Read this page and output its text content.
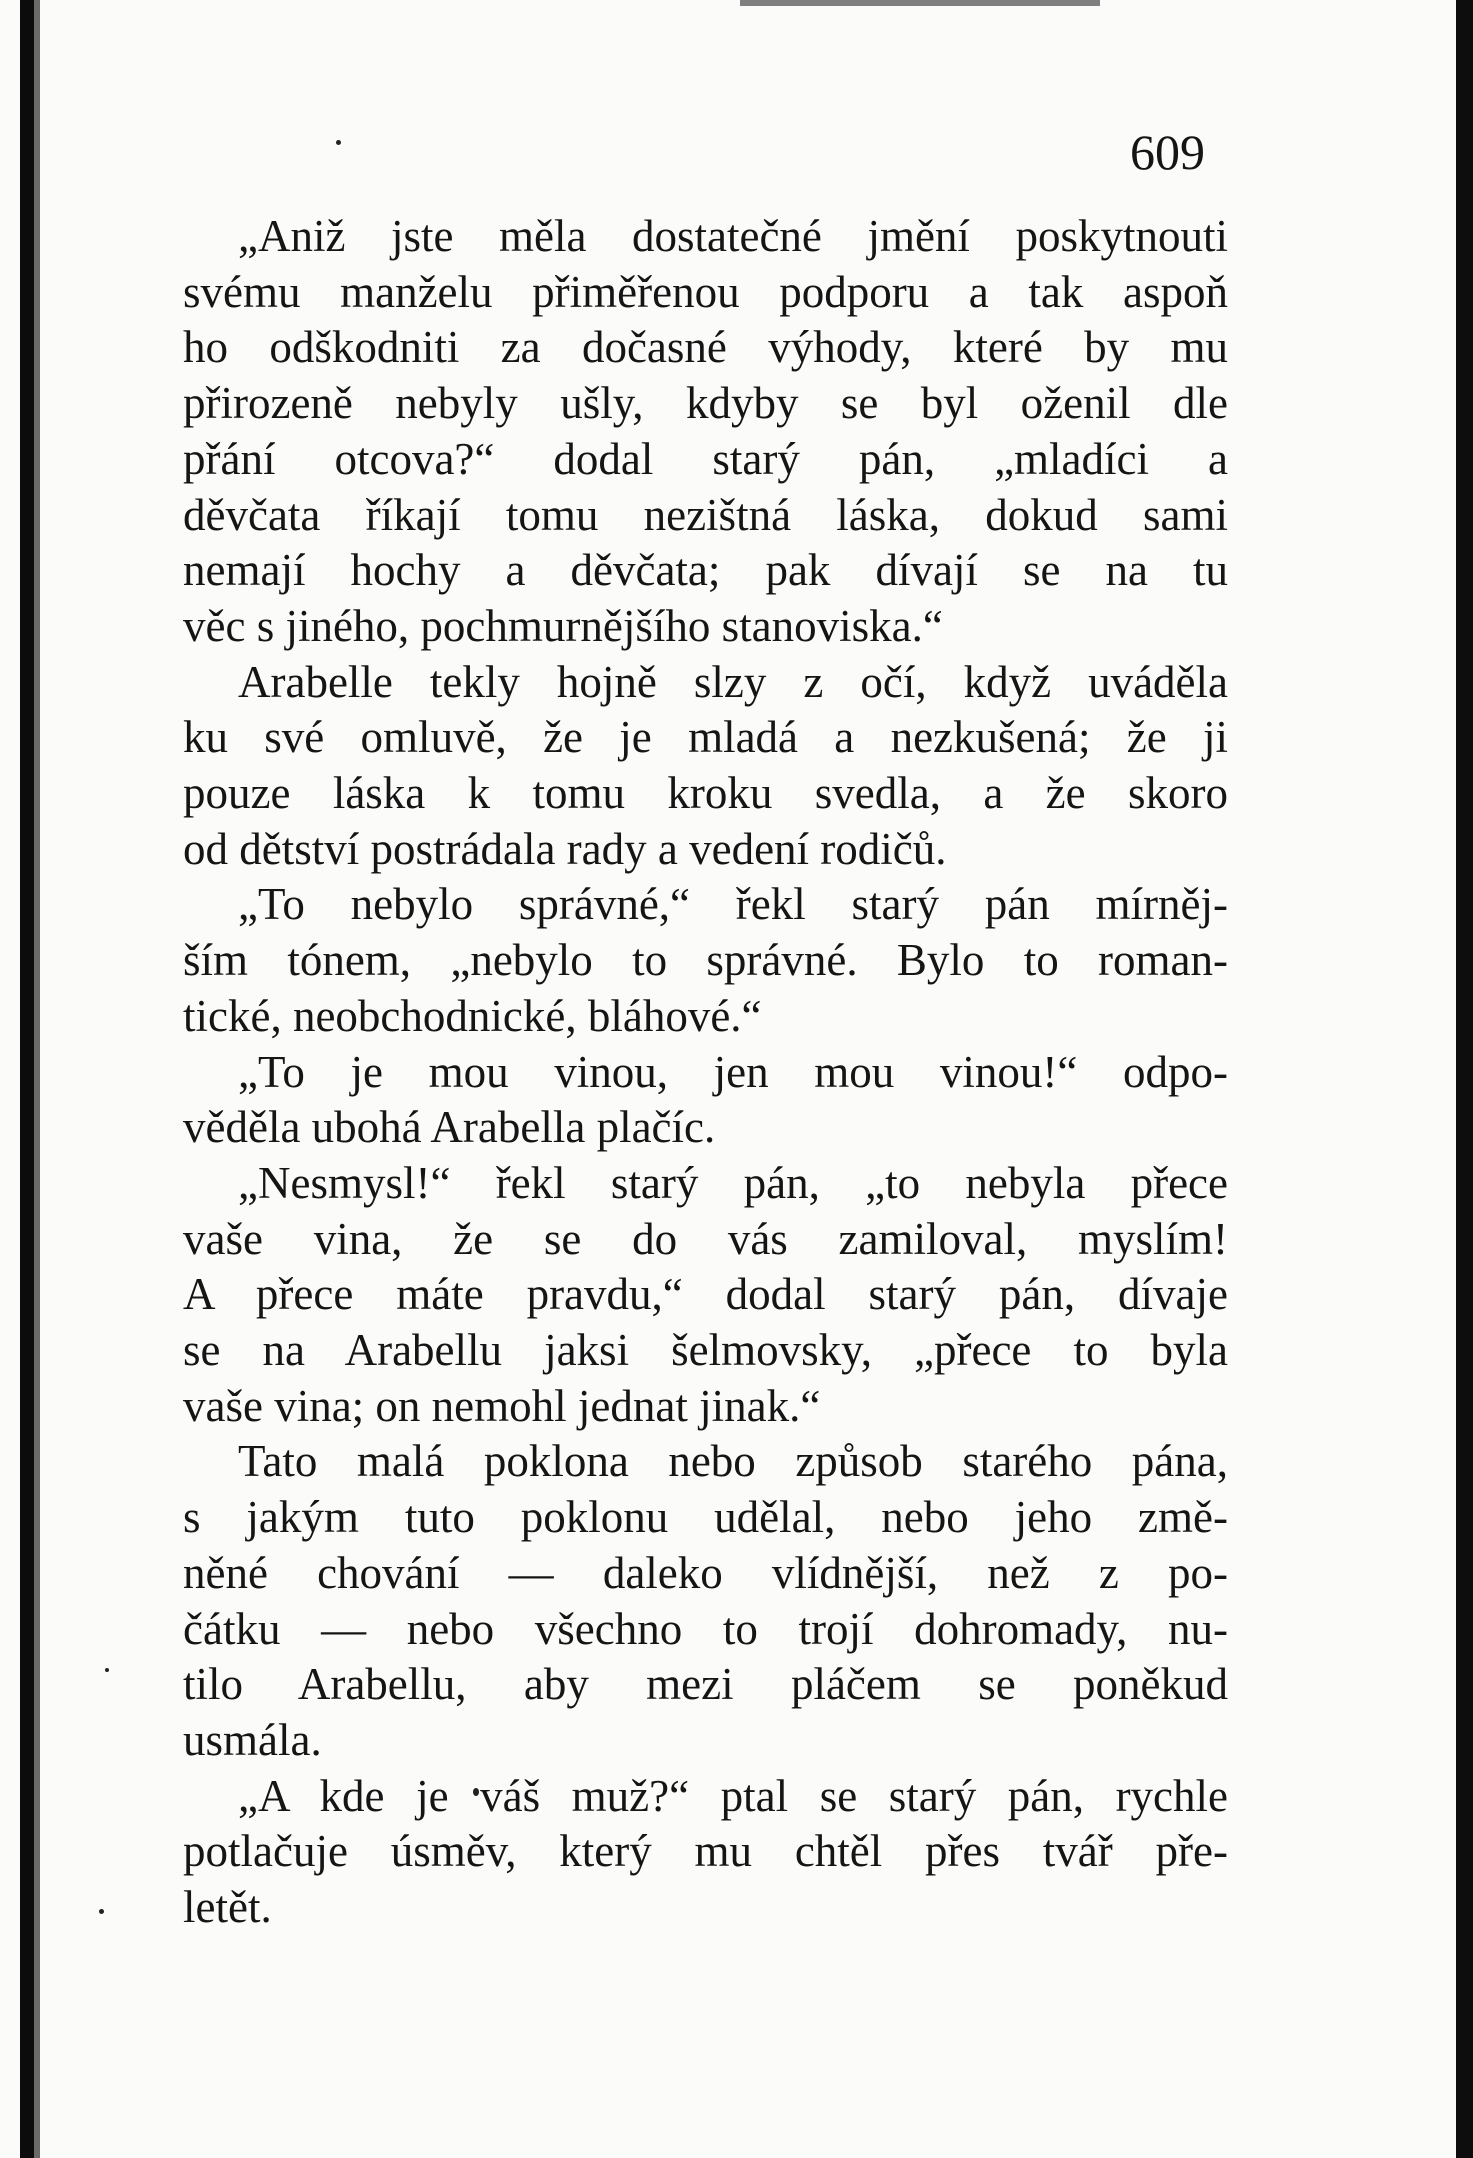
609
„Aniž jste měla dostatečné jmění poskytnouti
svému manželu přiměřenou podporu a tak aspoň
ho odškodniti za dočasné výhody, které by mu
přirozeně nebyly ušly, kdyby se byl oženil dle
přání otcova?“ dodal starý pán, „mladíci a
děvčata říkají tomu nezištná láska, dokud sami
nemají hochy a děvčata; pak dívají se na tu
věc s jiného, pochmurnějšího stanoviska.“
Arabelle tekly hojně slzy z očí, když uváděla
ku své omluvě, že je mladá a nezkušená; že ji
pouze láska k tomu kroku svedla, a že skoro
od dětství postrádala rady a vedení rodičů.
„To nebylo správné,“ řekl starý pán mírněj-
ším tónem, „nebylo to správné. Bylo to roman-
tické, neobchodnické, bláhové.“
„To je mou vinou, jen mou vinou!“ odpo-
věděla ubohá Arabella plačíc.
„Nesmysl!“ řekl starý pán, „to nebyla přece
vaše vina, že se do vás zamiloval, myslím!
A přece máte pravdu,“ dodal starý pán, dívaje
se na Arabellu jaksi šelmovsky, „přece to byla
vaše vina; on nemohl jednat jinak.“
Tato malá poklona nebo způsob starého pána,
s jakým tuto poklonu udělal, nebo jeho změ-
něné chování — daleko vlídnější, než z po-
čátku — nebo všechno to trojí dohromady, nu-
tilo Arabellu, aby mezi pláčem se poněkud
usmála.
„A kde je váš muž?“ ptal se starý pán, rychle
potlačuje úsměv, který mu chtěl přes tvář pře-
letět.
